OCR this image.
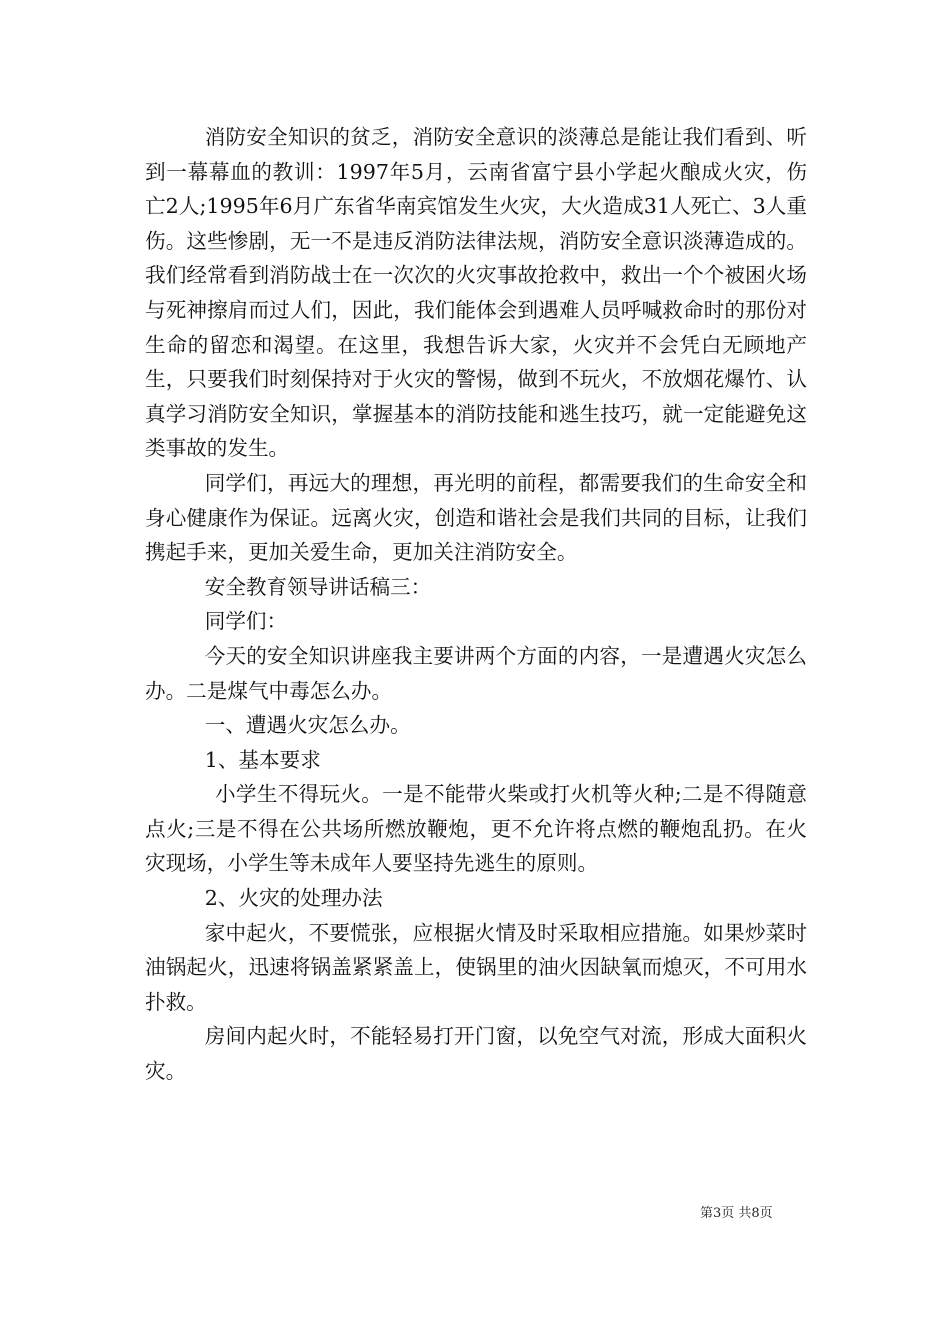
消防安全知识的贫乏，消防安全意识的淡薄总是能让我们看到、听到一幕幕血的教训：1997年5月，云南省富宁县小学起火酿成火灾，伤亡2人;1995年6月广东省华南宾馆发生火灾，大火造成31人死亡、3人重伤。这些惨剧，无一不是违反消防法律法规，消防安全意识淡薄造成的。我们经常看到消防战士在一次次的火灾事故抢救中，救出一个个被困火场与死神擦肩而过人们，因此，我们能体会到遇难人员呼喊救命时的那份对生命的留恋和渴望。在这里，我想告诉大家，火灾并不会凭白无顾地产生，只要我们时刻保持对于火灾的警惕，做到不玩火，不放烟花爆竹、认真学习消防安全知识，掌握基本的消防技能和逃生技巧，就一定能避免这类事故的发生。

同学们，再远大的理想，再光明的前程，都需要我们的生命安全和身心健康作为保证。远离火灾，创造和谐社会是我们共同的目标，让我们携起手来，更加关爱生命，更加关注消防安全。

安全教育领导讲话稿三：

同学们：

今天的安全知识讲座我主要讲两个方面的内容，一是遭遇火灾怎么办。二是煤气中毒怎么办。

一、遭遇火灾怎么办。

1、基本要求

小学生不得玩火。一是不能带火柴或打火机等火种;二是不得随意点火;三是不得在公共场所燃放鞭炮，更不允许将点燃的鞭炮乱扔。在火灾现场，小学生等未成年人要坚持先逃生的原则。

2、火灾的处理办法

家中起火，不要慌张，应根据火情及时采取相应措施。如果炒菜时油锅起火，迅速将锅盖紧紧盖上，使锅里的油火因缺氧而熄灭，不可用水扑救。

房间内起火时，不能轻易打开门窗，以免空气对流，形成大面积火灾。

第3页 共8页
